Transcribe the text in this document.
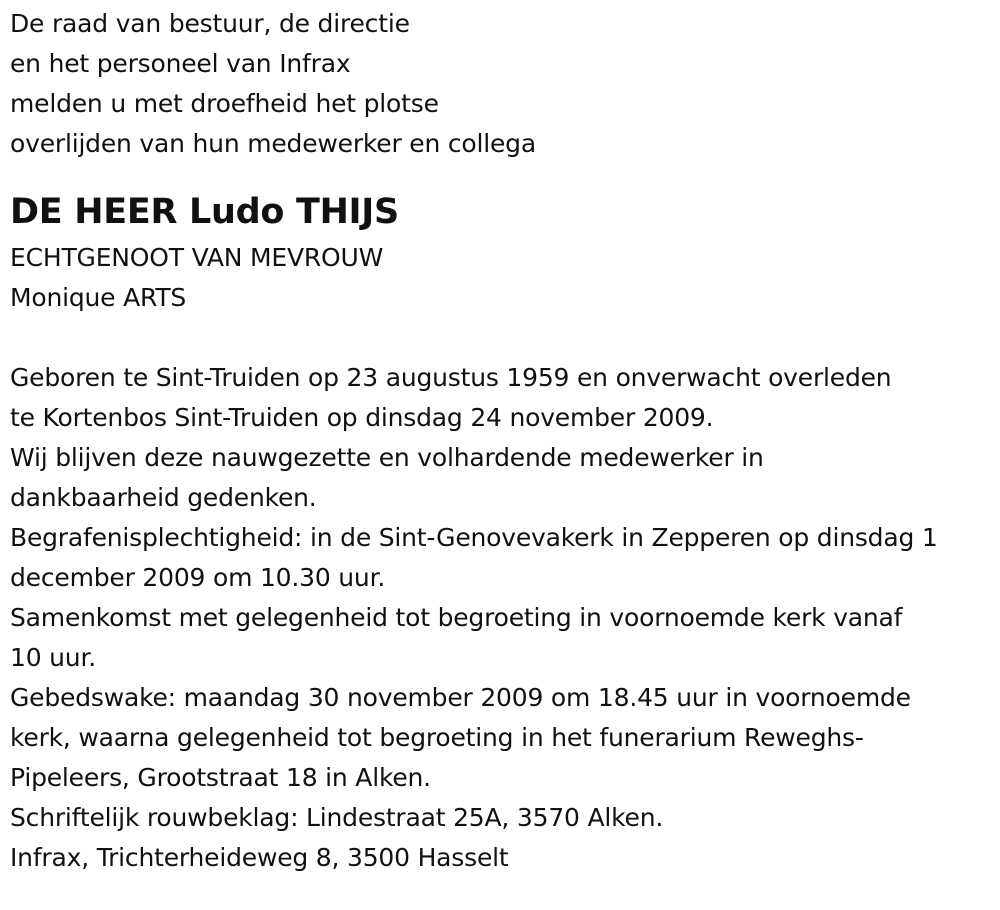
De raad van bestuur, de directie
en het personeel van Infrax
melden u met droefheid het plotse
overlijden van hun medewerker en collega
DE HEER Ludo THIJS
ECHTGENOOT VAN MEVROUW
Monique ARTS
Geboren te Sint-Truiden op 23 augustus 1959 en onverwacht overleden
te Kortenbos Sint-Truiden op dinsdag 24 november 2009.
Wij blijven deze nauwgezette en volhardende medewerker in
dankbaarheid gedenken.
Begrafenisplechtigheid: in de Sint-Genovevakerk in Zepperen op dinsdag 1
december 2009 om 10.30 uur.
Samenkomst met gelegenheid tot begroeting in voornoemde kerk vanaf
10 uur.
Gebedswake: maandag 30 november 2009 om 18.45 uur in voornoemde
kerk, waarna gelegenheid tot begroeting in het funerarium Reweghs-
Pipeleers, Grootstraat 18 in Alken.
Schriftelijk rouwbeklag: Lindestraat 25A, 3570 Alken.
Infrax, Trichterheideweg 8, 3500 Hasselt
